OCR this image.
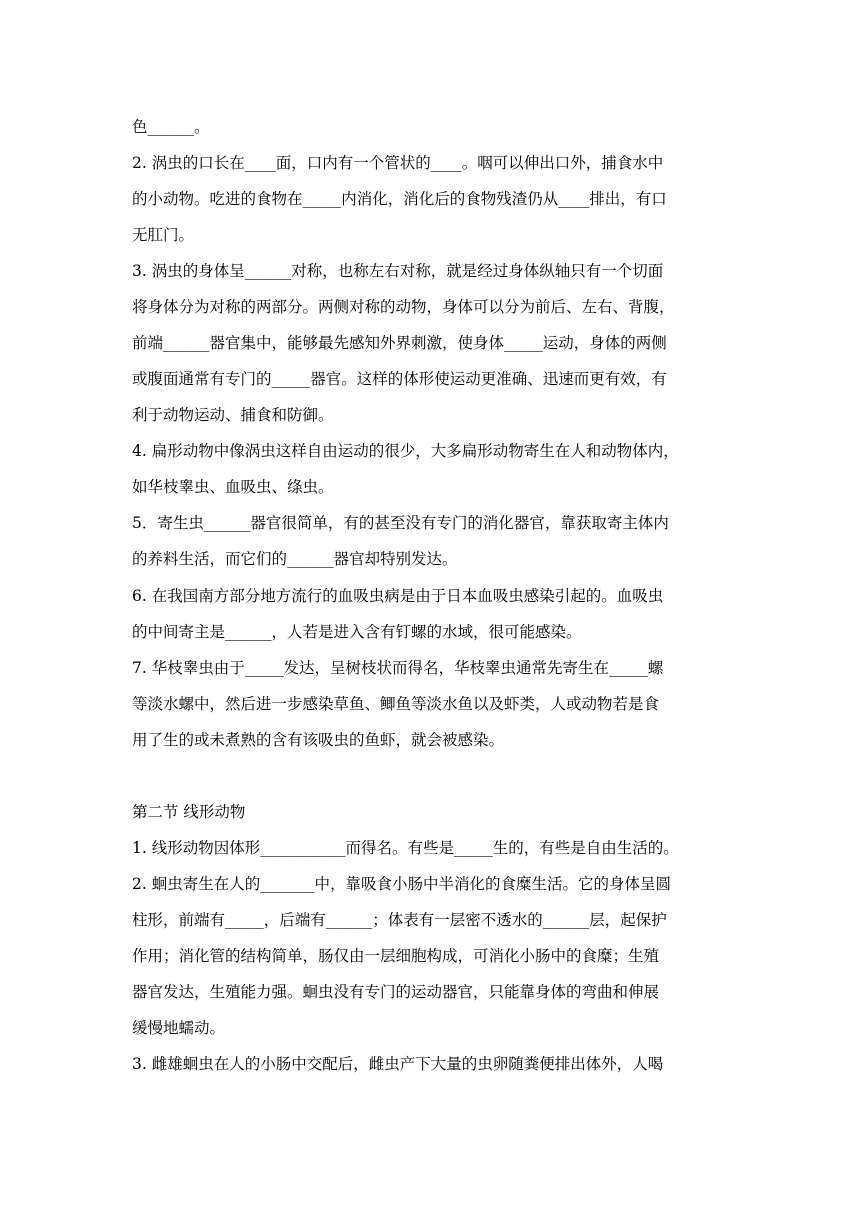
色______。
2. 涡虫的口长在____面，口内有一个管状的____。咽可以伸出口外，捕食水中
的小动物。吃进的食物在_____内消化，消化后的食物残渣仍从____排出，有口
无肛门。
3. 涡虫的身体呈______对称，也称左右对称，就是经过身体纵轴只有一个切面
将身体分为对称的两部分。两侧对称的动物，身体可以分为前后、左右、背腹，
前端______器官集中，能够最先感知外界刺激，使身体_____运动，身体的两侧
或腹面通常有专门的_____器官。这样的体形使运动更准确、迅速而更有效，有
利于动物运动、捕食和防御。
4. 扁形动物中像涡虫这样自由运动的很少，大多扁形动物寄生在人和动物体内，
如华枝睾虫、血吸虫、绦虫。
5．寄生虫______器官很简单，有的甚至没有专门的消化器官，靠获取寄主体内
的养料生活，而它们的______器官却特别发达。
6. 在我国南方部分地方流行的血吸虫病是由于日本血吸虫感染引起的。血吸虫
的中间寄主是______，人若是进入含有钉螺的水域，很可能感染。
7. 华枝睾虫由于_____发达，呈树枝状而得名，华枝睾虫通常先寄生在_____螺
等淡水螺中，然后进一步感染草鱼、鲫鱼等淡水鱼以及虾类，人或动物若是食
用了生的或未煮熟的含有该吸虫的鱼虾，就会被感染。
第二节 线形动物
1. 线形动物因体形___________而得名。有些是_____生的，有些是自由生活的。
2. 蛔虫寄生在人的_______中，靠吸食小肠中半消化的食糜生活。它的身体呈圆
柱形，前端有_____，后端有______；体表有一层密不透水的______层，起保护
作用；消化管的结构简单，肠仅由一层细胞构成，可消化小肠中的食糜；生殖
器官发达，生殖能力强。蛔虫没有专门的运动器官，只能靠身体的弯曲和伸展
缓慢地蠕动。
3. 雌雄蛔虫在人的小肠中交配后，雌虫产下大量的虫卵随粪便排出体外，人喝
